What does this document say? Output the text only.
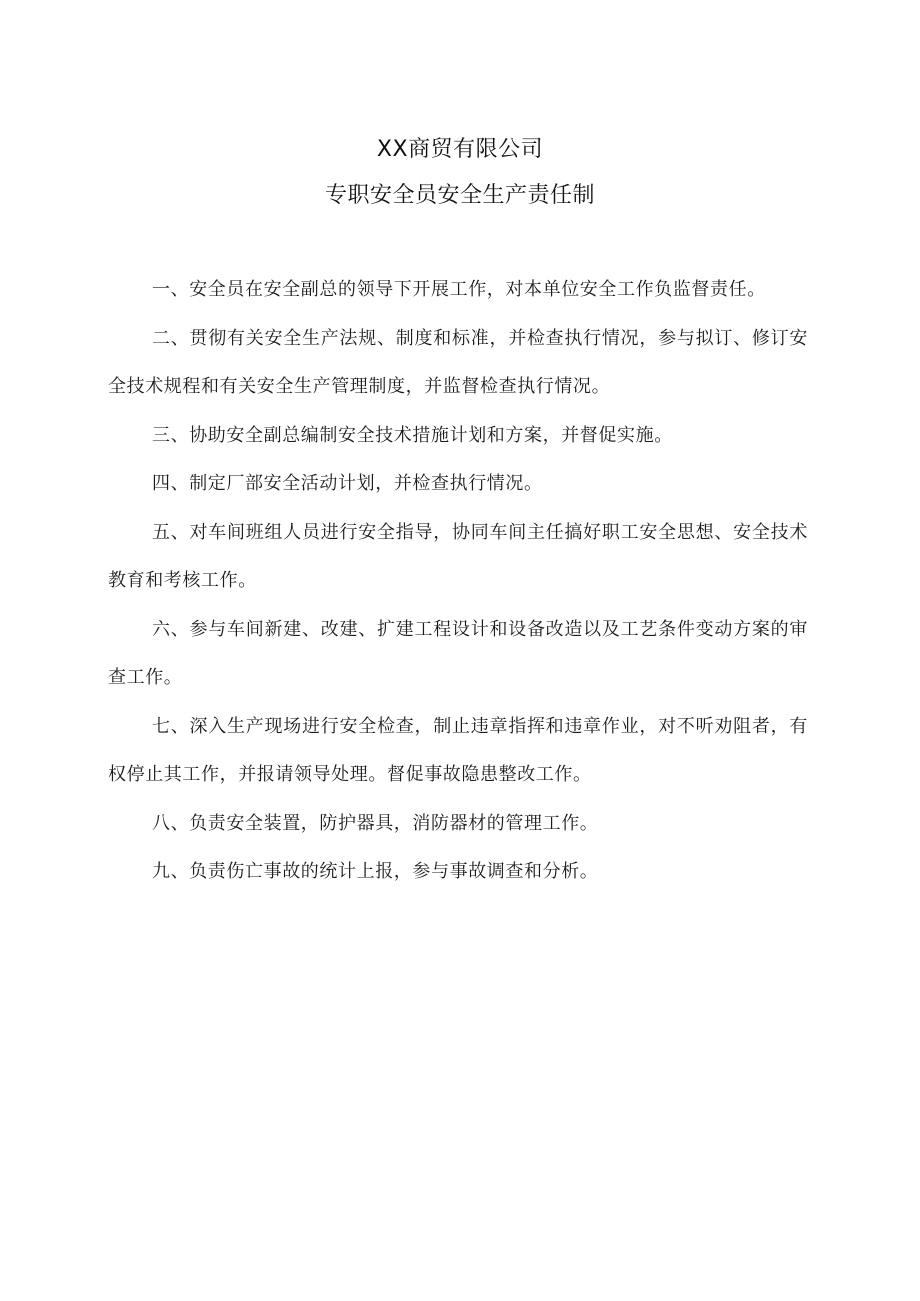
XX商贸有限公司
专职安全员安全生产责任制

一、安全员在安全副总的领导下开展工作，对本单位安全工作负监督责任。

二、贯彻有关安全生产法规、制度和标准，并检查执行情况，参与拟订、修订安全技术规程和有关安全生产管理制度，并监督检查执行情况。

三、协助安全副总编制安全技术措施计划和方案，并督促实施。

四、制定厂部安全活动计划，并检查执行情况。

五、对车间班组人员进行安全指导，协同车间主任搞好职工安全思想、安全技术教育和考核工作。

六、参与车间新建、改建、扩建工程设计和设备改造以及工艺条件变动方案的审查工作。

七、深入生产现场进行安全检查，制止违章指挥和违章作业，对不听劝阻者，有权停止其工作，并报请领导处理。督促事故隐患整改工作。

八、负责安全装置，防护器具，消防器材的管理工作。

九、负责伤亡事故的统计上报，参与事故调查和分析。
